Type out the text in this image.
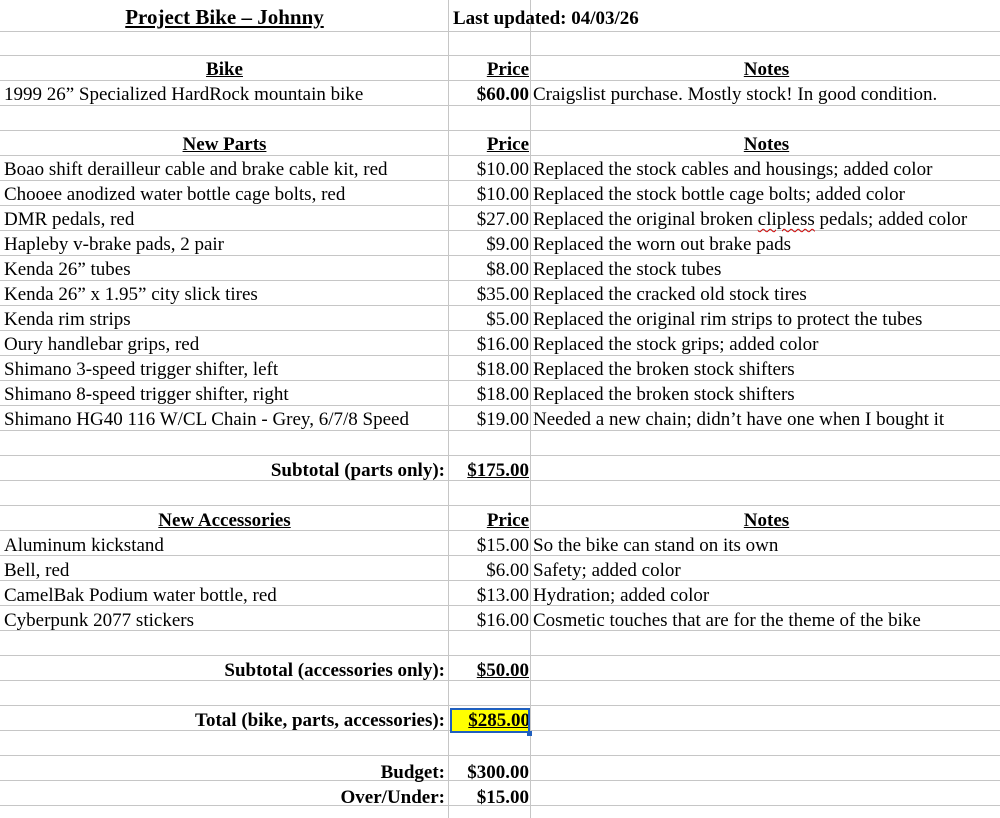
Project Bike – Johnny	Last updated: 04/03/26
Bike	Price	Notes
1999 26” Specialized HardRock mountain bike	$60.00 Craigslist purchase. Mostly stock! In good condition.
New Parts	Price	Notes
Boao shift derailleur cable and brake cable kit, red	$10.00 Replaced the stock cables and housings; added color
Chooee anodized water bottle cage bolts, red	$10.00 Replaced the stock bottle cage bolts; added color
DMR pedals, red	$27.00 Replaced the original broken clipless pedals; added color
Hapleby v-brake pads, 2 pair	$9.00 Replaced the worn out brake pads
Kenda 26” tubes	$8.00 Replaced the stock tubes
Kenda 26” x 1.95” city slick tires	$35.00 Replaced the cracked old stock tires
Kenda rim strips	$5.00 Replaced the original rim strips to protect the tubes
Oury handlebar grips, red	$16.00 Replaced the stock grips; added color
Shimano 3-speed trigger shifter, left	$18.00 Replaced the broken stock shifters
Shimano 8-speed trigger shifter, right	$18.00 Replaced the broken stock shifters
Shimano HG40 116 W/CL Chain - Grey, 6/7/8 Speed	$19.00 Needed a new chain; didn’t have one when I bought it
Subtotal (parts only):	$175.00
New Accessories	Price	Notes
Aluminum kickstand	$15.00 So the bike can stand on its own
Bell, red	$6.00 Safety; added color
CamelBak Podium water bottle, red	$13.00 Hydration; added color
Cyberpunk 2077 stickers	$16.00 Cosmetic touches that are for the theme of the bike
Subtotal (accessories only):	$50.00
Total (bike, parts, accessories):	$285.00
Budget:	$300.00
Over/Under:	$15.00
